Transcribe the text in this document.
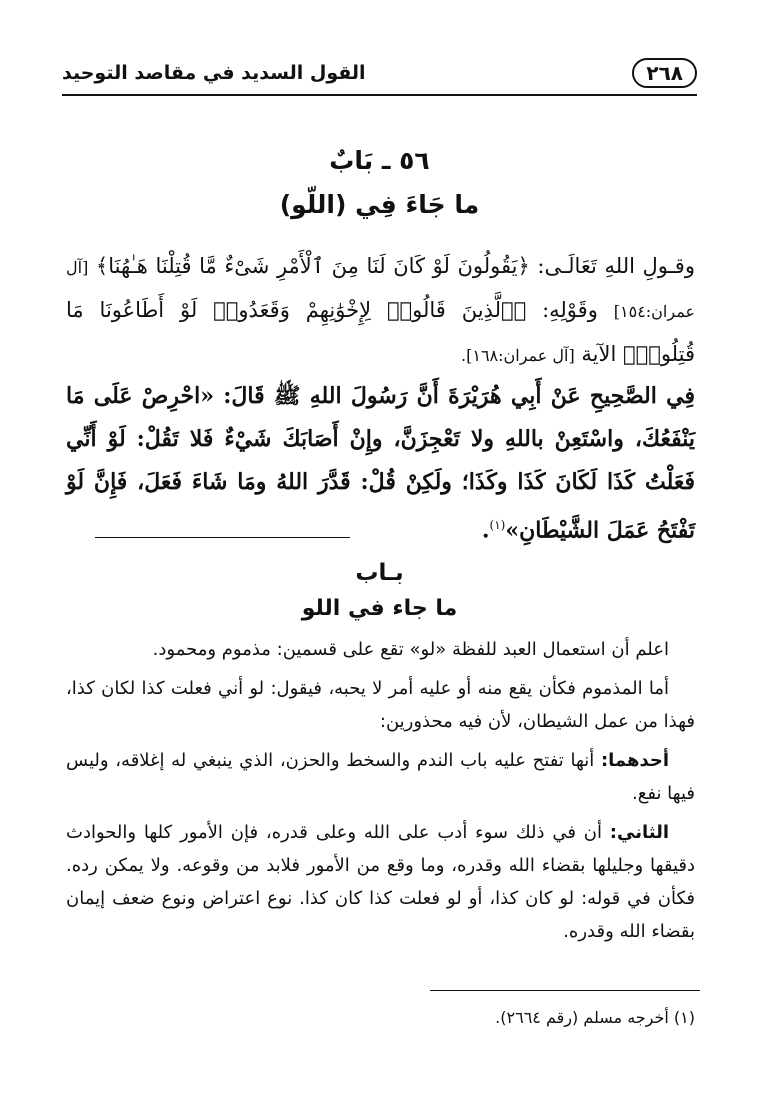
القول السديد في مقاصد التوحيد	٢٦٨
٥٦ ـ بَابٌ
ما جَاءَ فِي (اللّو)
وقـولِ اللهِ تَعَالَـى: ﴿يَقُولُونَ لَوْ كَانَ لَنَا مِنَ ٱلْأَمْرِ شَىْءٌ مَّا قُتِلْنَا هَـٰهُنَا﴾ [آل عمران:١٥٤] وقَوْلِهِ: ﴿ٱلَّذِينَ قَالُوا۟ لِإِخْوَٰنِهِمْ وَقَعَدُوا۟ لَوْ أَطَاعُونَا مَا قُتِلُوا۟﴾ الآية [آل عمران:١٦٨].
فِي الصَّحِيحِ عَنْ أَبِي هُرَيْرَةَ أَنَّ رَسُولَ اللهِ ﷺ قَالَ: «احْرِصْ عَلَى مَا يَنْفَعُكَ، واسْتَعِنْ باللهِ ولا تَعْجِزَنَّ، وإِنْ أَصَابَكَ شَيْءٌ فَلا تَقُلْ: لَوْ أَنِّي فَعَلْتُ كَذَا لَكَانَ كَذَا وكَذَا؛ ولَكِنْ قُلْ: قَدَّرَ اللهُ ومَا شَاءَ فَعَلَ، فَإِنَّ لَوْ تَفْتَحُ عَمَلَ الشَّيْطَانِ»$^{(١)}$.
بـاب
ما جاء في اللو

اعلم أن استعمال العبد للفظة «لو» تقع على قسمين: مذموم ومحمود.

أما المذموم فكأن يقع منه أو عليه أمر لا يحبه، فيقول: لو أني فعلت كذا لكان كذا، فهذا من عمل الشيطان، لأن فيه محذورين:

أحدهما: أنها تفتح عليه باب الندم والسخط والحزن، الذي ينبغي له إغلاقه، وليس فيها نفع.

الثاني: أن في ذلك سوء أدب على الله وعلى قدره، فإن الأمور كلها والحوادث دقيقها وجليلها بقضاء الله وقدره، وما وقع من الأمور فلابد من وقوعه. ولا يمكن رده. فكأن في قوله: لو كان كذا، أو لو فعلت كذا كان كذا. نوع اعتراض ونوع ضعف إيمان بقضاء الله وقدره.

(١) أخرجه مسلم (رقم ٢٦٦٤).
